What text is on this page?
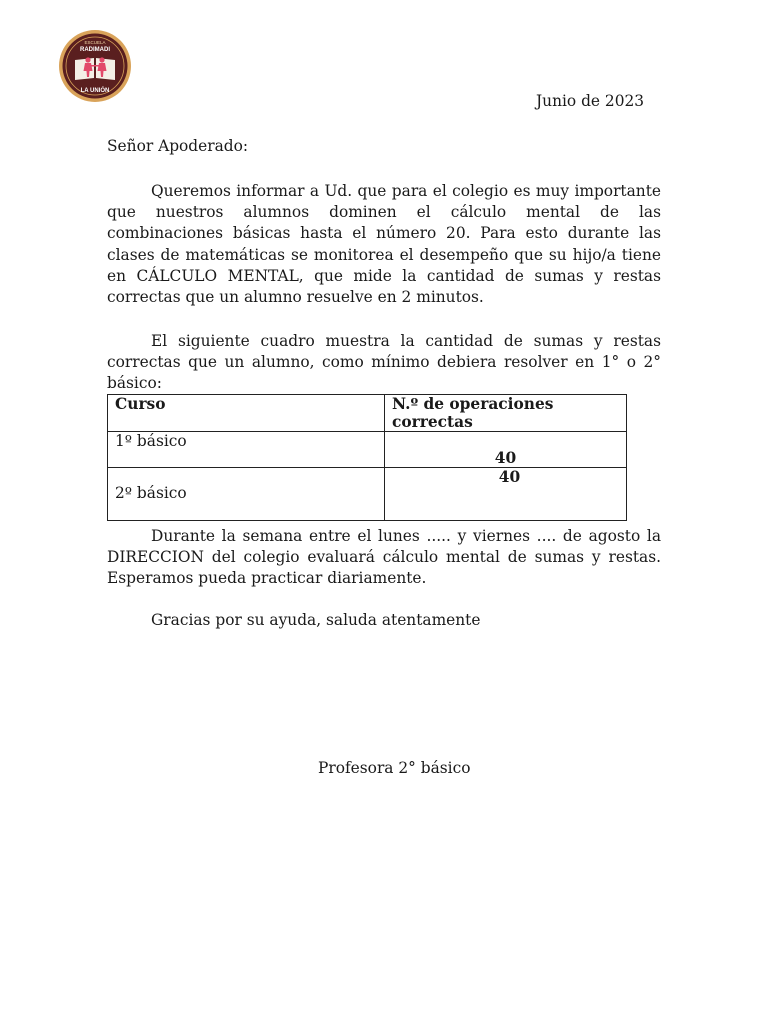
ESCUELA
RADIMADI
LA UNIÓN
Junio de 2023
Señor Apoderado:

Queremos informar a Ud. que para el colegio es muy importante que nuestros alumnos dominen el cálculo mental de las combinaciones básicas hasta el número 20. Para esto durante las clases de matemáticas se monitorea el desempeño que su hijo/a tiene en CÁLCULO MENTAL, que mide la cantidad de sumas y restas correctas que un alumno resuelve en 2 minutos.

El siguiente cuadro muestra la cantidad de sumas y restas correctas que un alumno, como mínimo debiera resolver en 1° o 2° básico:

Curso	N.º de operaciones correctas
1º básico	40

2º básico	40

Durante la semana entre el lunes ..... y viernes .... de agosto la DIRECCION del colegio evaluará cálculo mental de sumas y restas. Esperamos pueda practicar diariamente.

Gracias por su ayuda, saluda atentamente

Profesora 2° básico
